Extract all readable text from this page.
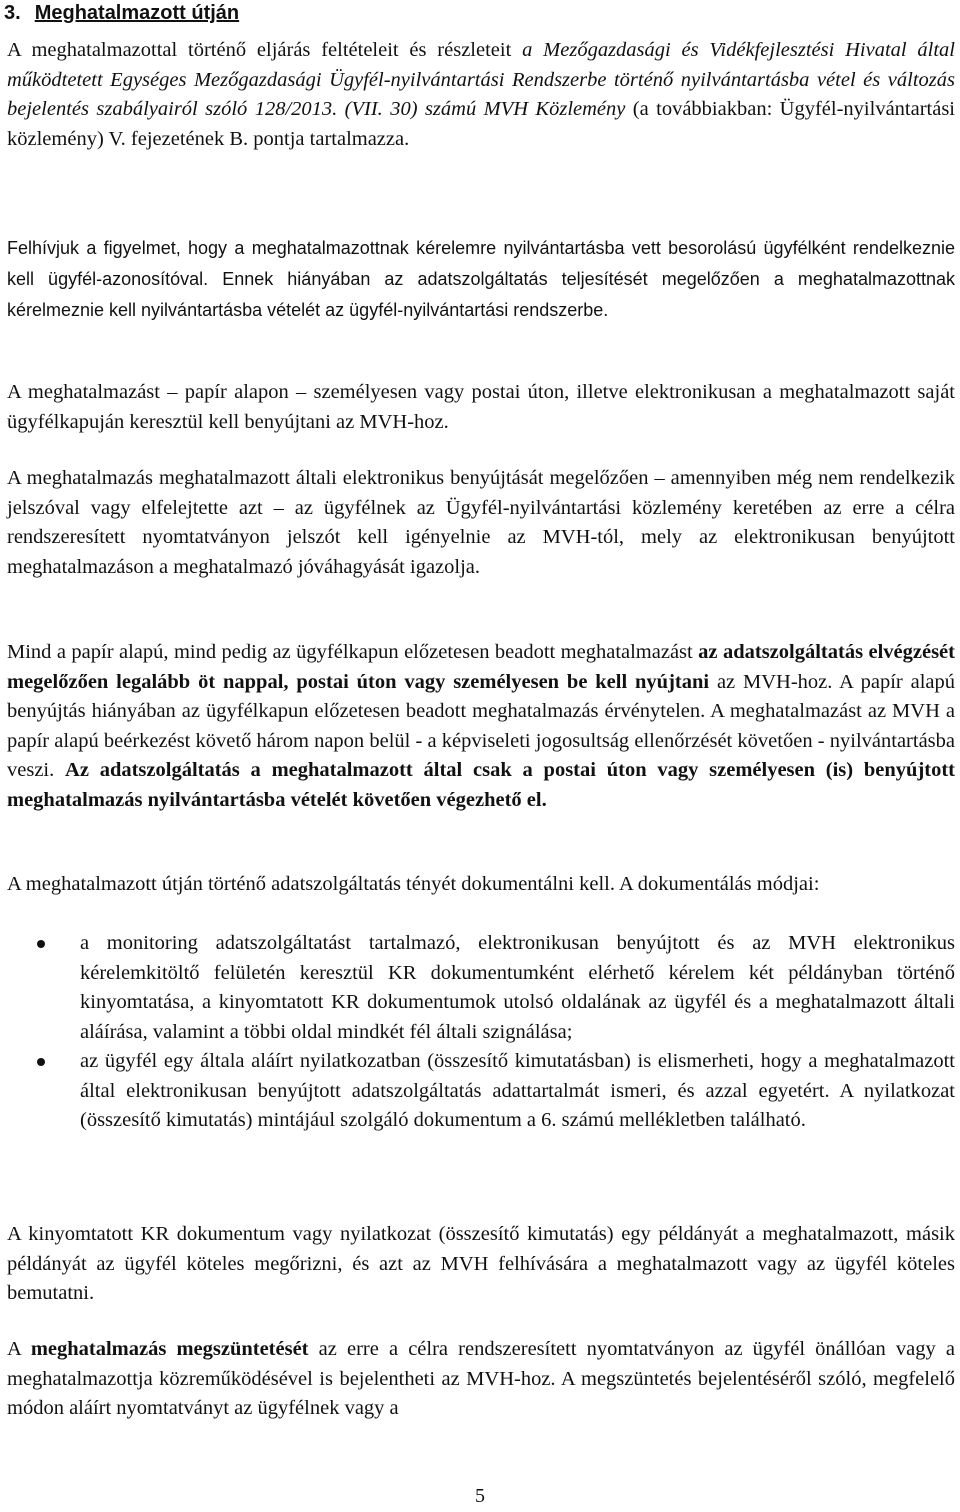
3. Meghatalmazott útján

A meghatalmazottal történő eljárás feltételeit és részleteit a Mezőgazdasági és Vidékfejlesztési Hivatal által működtetett Egységes Mezőgazdasági Ügyfél-nyilvántartási Rendszerbe történő nyilvántartásba vétel és változás bejelentés szabályairól szóló 128/2013. (VII. 30) számú MVH Közlemény (a továbbiakban: Ügyfél-nyilvántartási közlemény) V. fejezetének B. pontja tartalmazza.

Felhívjuk a figyelmet, hogy a meghatalmazottnak kérelemre nyilvántartásba vett besorolású ügyfélként rendelkeznie kell ügyfél-azonosítóval. Ennek hiányában az adatszolgáltatás teljesítését megelőzően a meghatalmazottnak kérelmeznie kell nyilvántartásba vételét az ügyfél-nyilvántartási rendszerbe.

A meghatalmazást – papír alapon – személyesen vagy postai úton, illetve elektronikusan a meghatalmazott saját ügyfélkapuján keresztül kell benyújtani az MVH-hoz.

A meghatalmazás meghatalmazott általi elektronikus benyújtását megelőzően – amennyiben még nem rendelkezik jelszóval vagy elfelejtette azt – az ügyfélnek az Ügyfél-nyilvántartási közlemény keretében az erre a célra rendszeresített nyomtatványon jelszót kell igényelnie az MVH-tól, mely az elektronikusan benyújtott meghatalmazáson a meghatalmazó jóváhagyását igazolja.

Mind a papír alapú, mind pedig az ügyfélkapun előzetesen beadott meghatalmazást az adatszolgáltatás elvégzését megelőzően legalább öt nappal, postai úton vagy személyesen be kell nyújtani az MVH-hoz. A papír alapú benyújtás hiányában az ügyfélkapun előzetesen beadott meghatalmazás érvénytelen. A meghatalmazást az MVH a papír alapú beérkezést követő három napon belül - a képviseleti jogosultság ellenőrzését követően - nyilvántartásba veszi. Az adatszolgáltatás a meghatalmazott által csak a postai úton vagy személyesen (is) benyújtott meghatalmazás nyilvántartásba vételét követően végezhető el.

A meghatalmazott útján történő adatszolgáltatás tényét dokumentálni kell. A dokumentálás módjai:

a monitoring adatszolgáltatást tartalmazó, elektronikusan benyújtott és az MVH elektronikus kérelemkitöltő felületén keresztül KR dokumentumként elérhető kérelem két példányban történő kinyomtatása, a kinyomtatott KR dokumentumok utolsó oldalának az ügyfél és a meghatalmazott általi aláírása, valamint a többi oldal mindkét fél általi szignálása;
az ügyfél egy általa aláírt nyilatkozatban (összesítő kimutatásban) is elismerheti, hogy a meghatalmazott által elektronikusan benyújtott adatszolgáltatás adattartalmát ismeri, és azzal egyetért. A nyilatkozat (összesítő kimutatás) mintájául szolgáló dokumentum a 6. számú mellékletben található.

A kinyomtatott KR dokumentum vagy nyilatkozat (összesítő kimutatás) egy példányát a meghatalmazott, másik példányát az ügyfél köteles megőrizni, és azt az MVH felhívására a meghatalmazott vagy az ügyfél köteles bemutatni.

A meghatalmazás megszüntetését az erre a célra rendszeresített nyomtatványon az ügyfél önállóan vagy a meghatalmazottja közreműködésével is bejelentheti az MVH-hoz. A megszüntetés bejelentéséről szóló, megfelelő módon aláírt nyomtatványt az ügyfélnek vagy a

5
